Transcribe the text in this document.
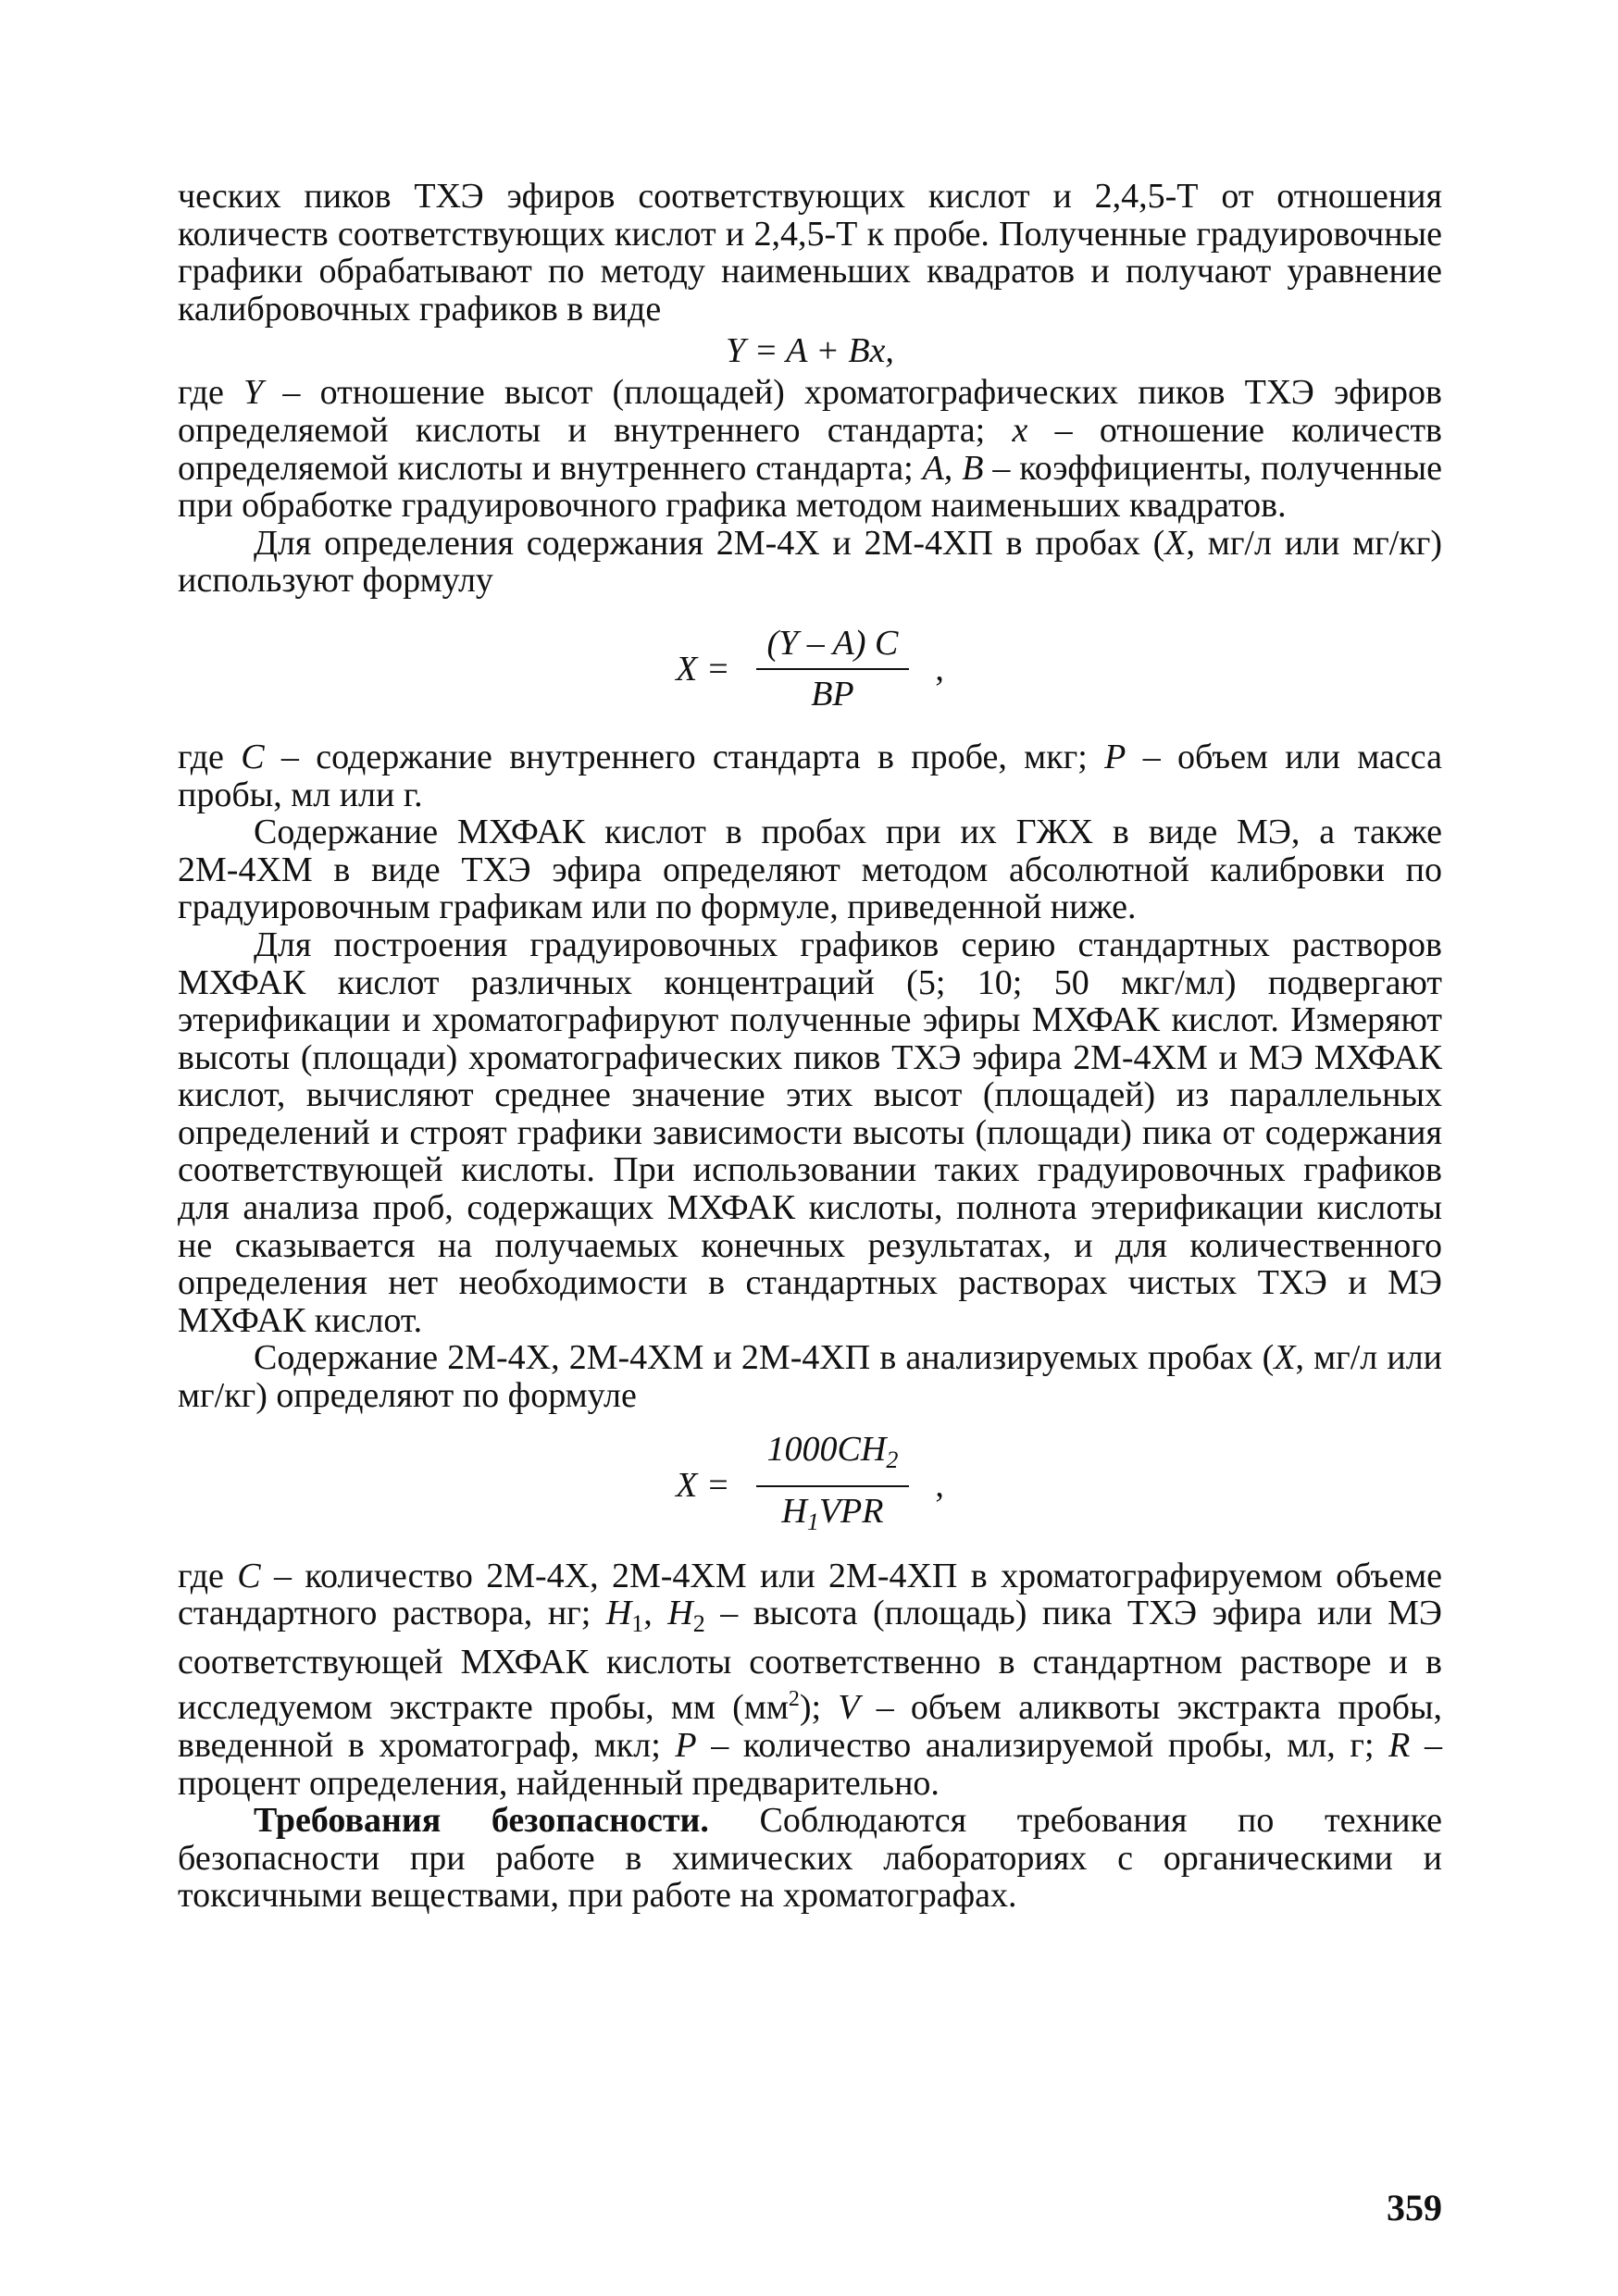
ческих пиков ТХЭ эфиров соответствующих кислот и 2,4,5-Т от отношения количеств соответствующих кислот и 2,4,5-Т к пробе. Полученные градуировочные графики обрабатывают по методу наименьших квадратов и получают уравнение калибровочных графиков в виде

Y = A + Bx,

где Y – отношение высот (площадей) хроматографических пиков ТХЭ эфиров определяемой кислоты и внутреннего стандарта; x – отношение количеств определяемой кислоты и внутреннего стандарта; А, В – коэффициенты, полученные при обработке градуировочного графика методом наименьших квадратов.

Для определения содержания 2М-4Х и 2М-4ХП в пробах (X, мг/л или мг/кг) используют формулу

$X = \frac{(Y - A) C}{BP}$ ,

где С – содержание внутреннего стандарта в пробе, мкг; Р – объем или масса пробы, мл или г.

Содержание МХФАК кислот в пробах при их ГЖХ в виде МЭ, а также 2М-4ХМ в виде ТХЭ эфира определяют методом абсолютной калибровки по градуировочным графикам или по формуле, приведенной ниже.

Для построения градуировочных графиков серию стандартных растворов МХФАК кислот различных концентраций (5; 10; 50 мкг/мл) подвергают этерификации и хроматографируют полученные эфиры МХФАК кислот. Измеряют высоты (площади) хроматографических пиков ТХЭ эфира 2М-4ХМ и МЭ МХФАК кислот, вычисляют среднее значение этих высот (площадей) из параллельных определений и строят графики зависимости высоты (площади) пика от содержания соответствующей кислоты. При использовании таких градуировочных графиков для анализа проб, содержащих МХФАК кислоты, полнота этерификации кислоты не сказывается на получаемых конечных результатах, и для количественного определения нет необходимости в стандартных растворах чистых ТХЭ и МЭ МХФАК кислот.

Содержание 2М-4Х, 2М-4ХМ и 2М-4ХП в анализируемых пробах (X, мг/л или мг/кг) определяют по формуле

$X = \frac{1000CH_2}{H_1VPR}$ ,

где С – количество 2М-4Х, 2М-4ХМ или 2М-4ХП в хроматографируемом объеме стандартного раствора, нг; $Н_1$, $Н_2$ – высота (площадь) пика ТХЭ эфира или МЭ соответствующей МХФАК кислоты соответственно в стандартном растворе и в исследуемом экстракте пробы, мм $(мм^2)$; V – объем аликвоты экстракта пробы, введенной в хроматограф, мкл; Р – количество анализируемой пробы, мл, г; R – процент определения, найденный предварительно.

Требования безопасности. Соблюдаются требования по технике безопасности при работе в химических лабораториях с органическими и токсичными веществами, при работе на хроматографах.

359
